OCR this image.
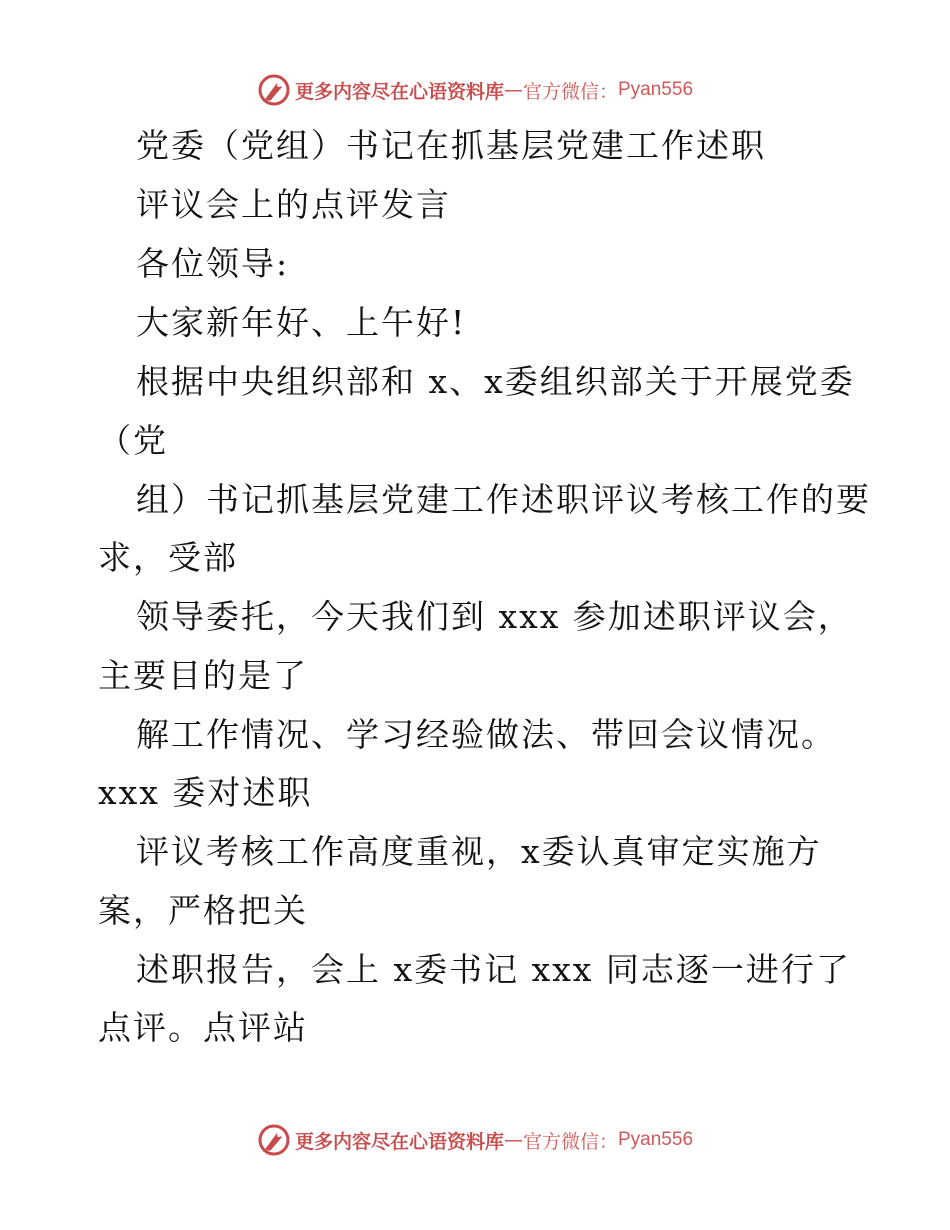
更多内容尽在心语资料库 — 官方微信： Pyan556
党委（党组）书记在抓基层党建工作述职
评议会上的点评发言
各位领导:
大家新年好、上午好!
根据中央组织部和 x、x委组织部关于开展党委
（党
组）书记抓基层党建工作述职评议考核工作的要
求，受部
领导委托，今天我们到 xxx 参加述职评议会，
主要目的是了
解工作情况、学习经验做法、带回会议情况。
xxx 委对述职
评议考核工作高度重视，x委认真审定实施方
案，严格把关
述职报告，会上 x委书记 xxx 同志逐一进行了
点评。点评站
更多内容尽在心语资料库 — 官方微信： Pyan556
